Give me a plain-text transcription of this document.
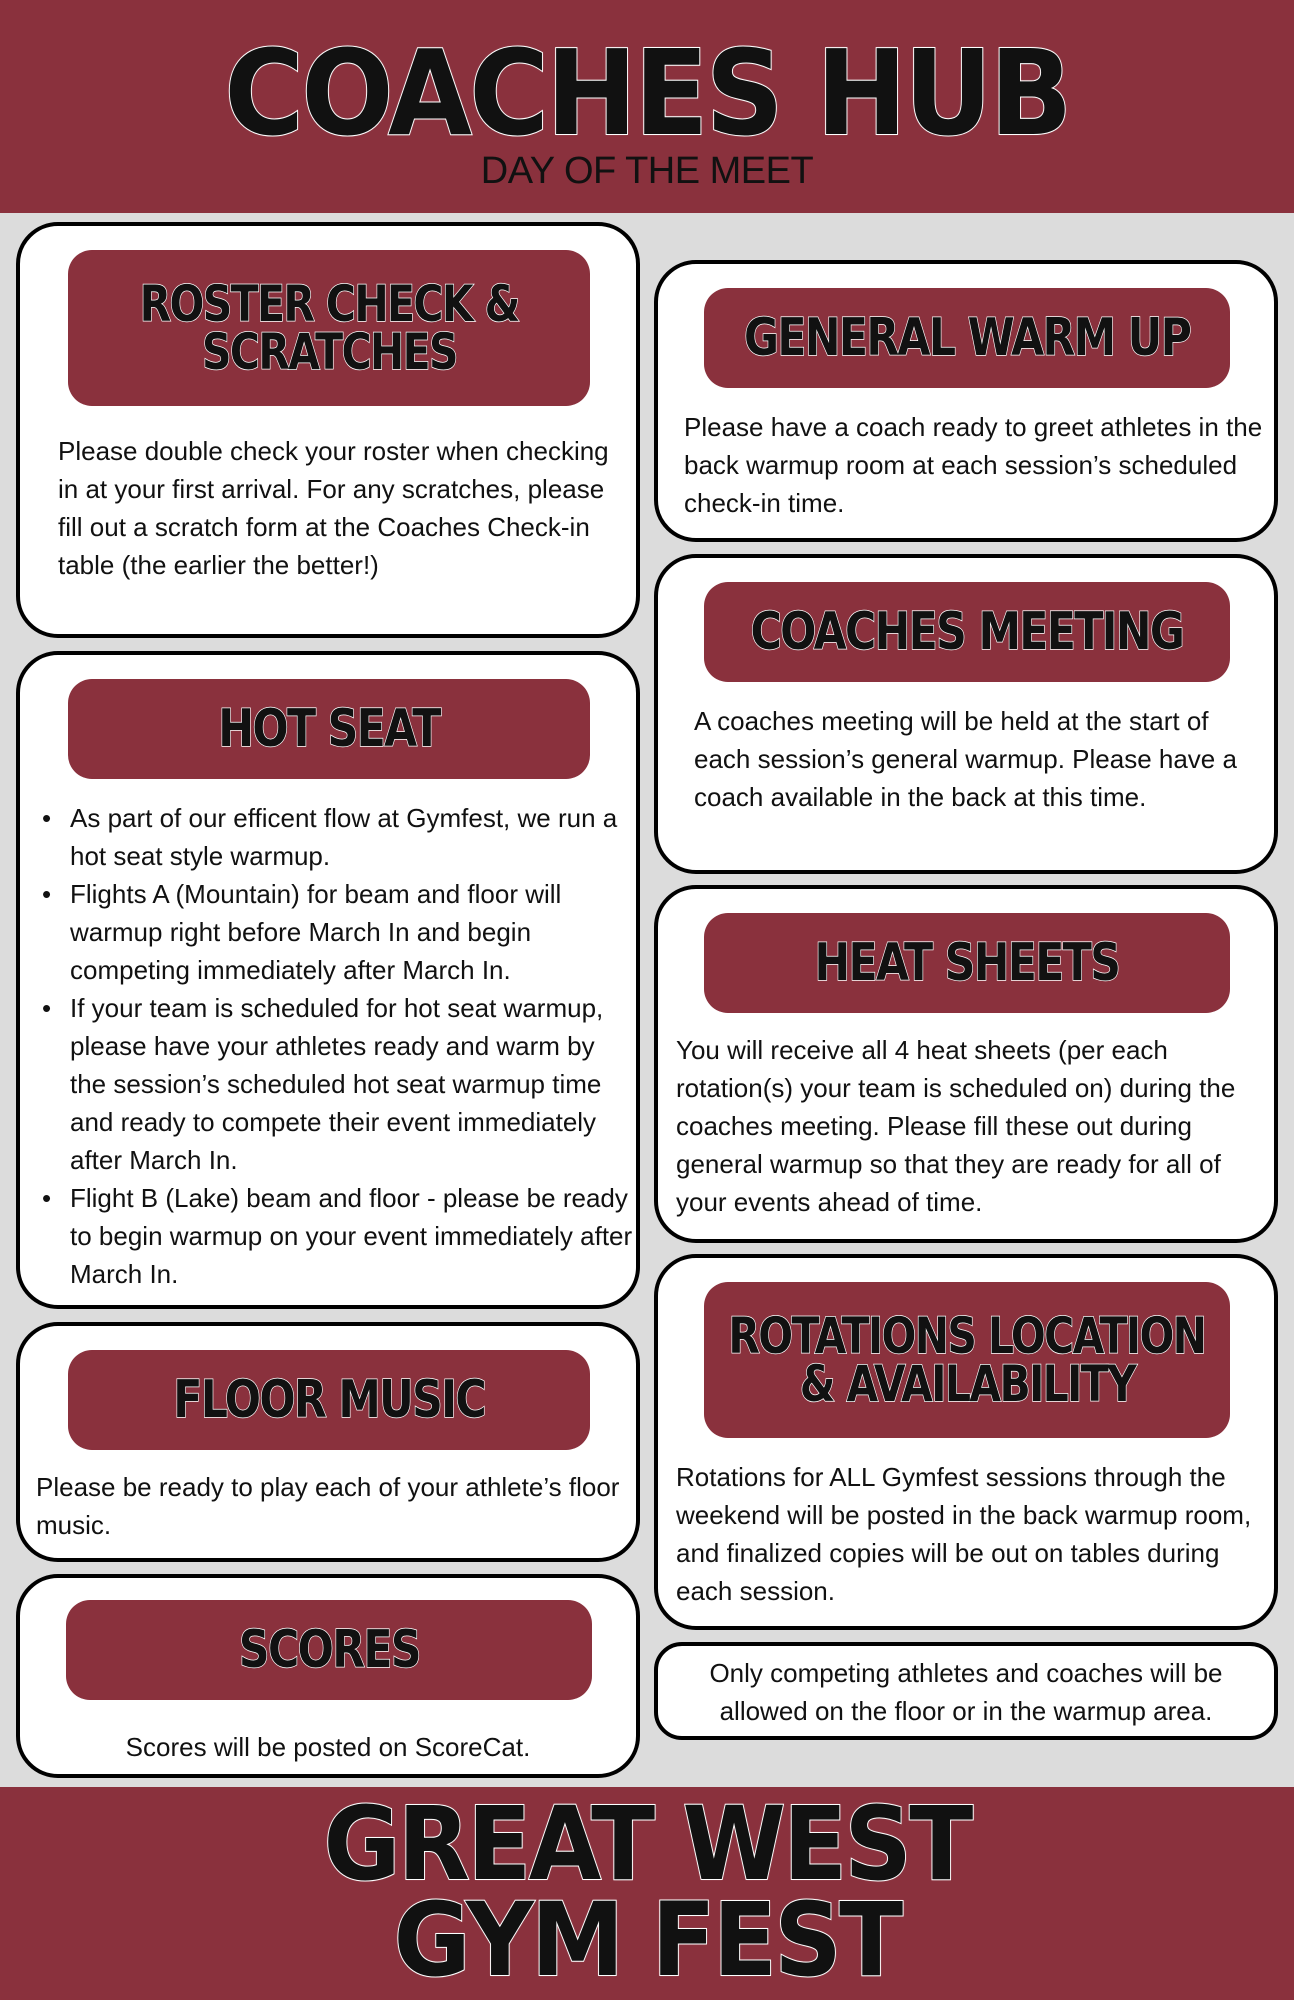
COACHES HUB
DAY OF THE MEET
ROSTER CHECK &
SCRATCHES
Please double check your roster when checking in at your first arrival. For any scratches, please fill out a scratch form at the Coaches Check-in table (the earlier the better!)
HOT SEAT
• As part of our efficent flow at Gymfest, we run a hot seat style warmup.
• Flights A (Mountain) for beam and floor will warmup right before March In and begin competing immediately after March In.
• If your team is scheduled for hot seat warmup, please have your athletes ready and warm by the session’s scheduled hot seat warmup time and ready to compete their event immediately after March In.
• Flight B (Lake) beam and floor - please be ready to begin warmup on your event immediately after March In.
FLOOR MUSIC
Please be ready to play each of your athlete’s floor music.
SCORES
Scores will be posted on ScoreCat.
GENERAL WARM UP
Please have a coach ready to greet athletes in the back warmup room at each session’s scheduled check-in time.
COACHES MEETING
A coaches meeting will be held at the start of each session’s general warmup. Please have a coach available in the back at this time.
HEAT SHEETS
You will receive all 4 heat sheets (per each rotation(s) your team is scheduled on) during the coaches meeting. Please fill these out during general warmup so that they are ready for all of your events ahead of time.
ROTATIONS LOCATION
& AVAILABILITY
Rotations for ALL Gymfest sessions through the weekend will be posted in the back warmup room, and finalized copies will be out on tables during each session.
Only competing athletes and coaches will be allowed on the floor or in the warmup area.
GREAT WEST
GYM FEST
